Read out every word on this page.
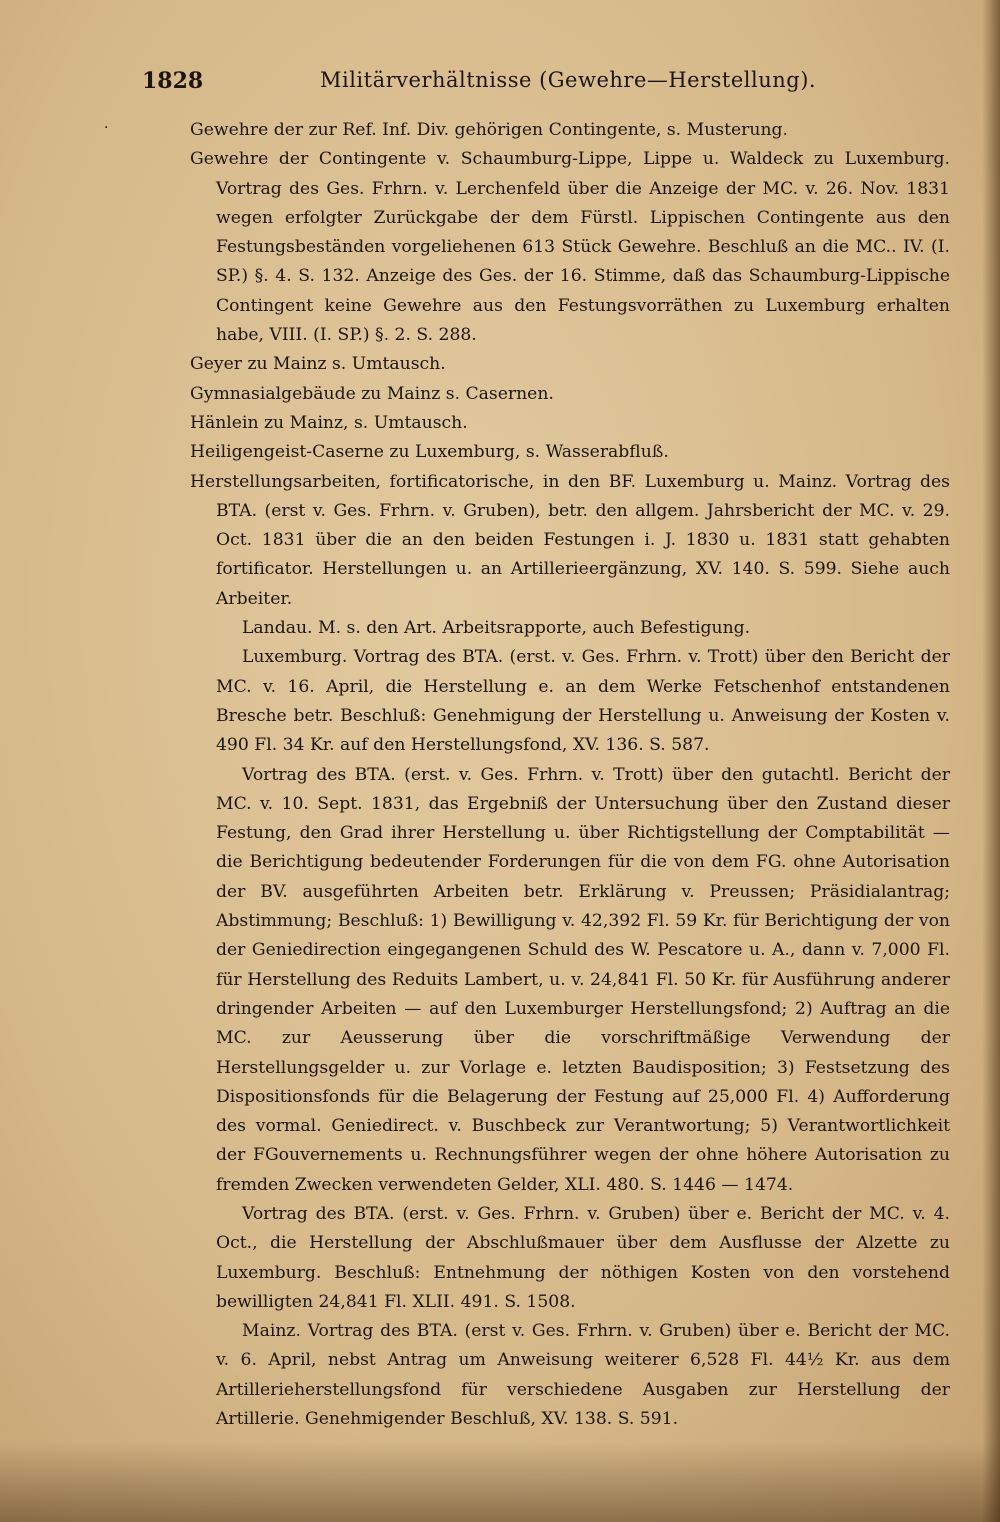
1828	Militärverhältnisse (Gewehre—Herstellung).
·	Gewehre der zur Ref. Inf. Div. gehörigen Contingente, s. Musterung.

Gewehre der Contingente v. Schaumburg-Lippe, Lippe u. Waldeck zu Luxemburg. Vortrag des Ges. Frhrn. v. Lerchenfeld über die Anzeige der MC. v. 26. Nov. 1831 wegen erfolgter Zurückgabe der dem Fürstl. Lippischen Contingente aus den Festungsbeständen vorgeliehenen 613 Stück Gewehre. Beschluß an die MC.. IV. (I. SP.) §. 4. S. 132. Anzeige des Ges. der 16. Stimme, daß das Schaumburg-Lippische Contingent keine Gewehre aus den Festungsvorräthen zu Luxemburg erhalten habe, VIII. (I. SP.) §. 2. S. 288.

Geyer zu Mainz s. Umtausch.

Gymnasialgebäude zu Mainz s. Casernen.

Hänlein zu Mainz, s. Umtausch.

Heiligengeist-Caserne zu Luxemburg, s. Wasserabfluß.

Herstellungsarbeiten, fortificatorische, in den BF. Luxemburg u. Mainz. Vortrag des BTA. (erst v. Ges. Frhrn. v. Gruben), betr. den allgem. Jahrsbericht der MC. v. 29. Oct. 1831 über die an den beiden Festungen i. J. 1830 u. 1831 statt gehabten fortificator. Herstellungen u. an Artillerieergänzung, XV. 140. S. 599. Siehe auch Arbeiter.

Landau. M. s. den Art. Arbeitsrapporte, auch Befestigung.

Luxemburg. Vortrag des BTA. (erst. v. Ges. Frhrn. v. Trott) über den Bericht der MC. v. 16. April, die Herstellung e. an dem Werke Fetschenhof entstandenen Bresche betr. Beschluß: Genehmigung der Herstellung u. Anweisung der Kosten v. 490 Fl. 34 Kr. auf den Herstellungsfond, XV. 136. S. 587.

Vortrag des BTA. (erst. v. Ges. Frhrn. v. Trott) über den gutachtl. Bericht der MC. v. 10. Sept. 1831, das Ergebniß der Untersuchung über den Zustand dieser Festung, den Grad ihrer Herstellung u. über Richtigstellung der Comptabilität — die Berichtigung bedeutender Forderungen für die von dem FG. ohne Autorisation der BV. ausgeführten Arbeiten betr. Erklärung v. Preussen; Präsidialantrag; Abstimmung; Beschluß: 1) Bewilligung v. 42,392 Fl. 59 Kr. für Berichtigung der von der Geniedirection eingegangenen Schuld des W. Pescatore u. A., dann v. 7,000 Fl. für Herstellung des Reduits Lambert, u. v. 24,841 Fl. 50 Kr. für Ausführung anderer dringender Arbeiten — auf den Luxemburger Herstellungsfond; 2) Auftrag an die MC. zur Aeusserung über die vorschriftmäßige Verwendung der Herstellungsgelder u. zur Vorlage e. letzten Baudisposition; 3) Festsetzung des Dispositionsfonds für die Belagerung der Festung auf 25,000 Fl. 4) Aufforderung des vormal. Geniedirect. v. Buschbeck zur Verantwortung; 5) Verantwortlichkeit der FGouvernements u. Rechnungsführer wegen der ohne höhere Autorisation zu fremden Zwecken verwendeten Gelder, XLI. 480. S. 1446 — 1474.

Vortrag des BTA. (erst. v. Ges. Frhrn. v. Gruben) über e. Bericht der MC. v. 4. Oct., die Herstellung der Abschlußmauer über dem Ausflusse der Alzette zu Luxemburg. Beschluß: Entnehmung der nöthigen Kosten von den vorstehend bewilligten 24,841 Fl. XLII. 491. S. 1508.

Mainz. Vortrag des BTA. (erst v. Ges. Frhrn. v. Gruben) über e. Bericht der MC. v. 6. April, nebst Antrag um Anweisung weiterer 6,528 Fl. 44½ Kr. aus dem Artillerieherstellungsfond für verschiedene Ausgaben zur Herstellung der Artillerie. Genehmigender Beschluß, XV. 138. S. 591.
